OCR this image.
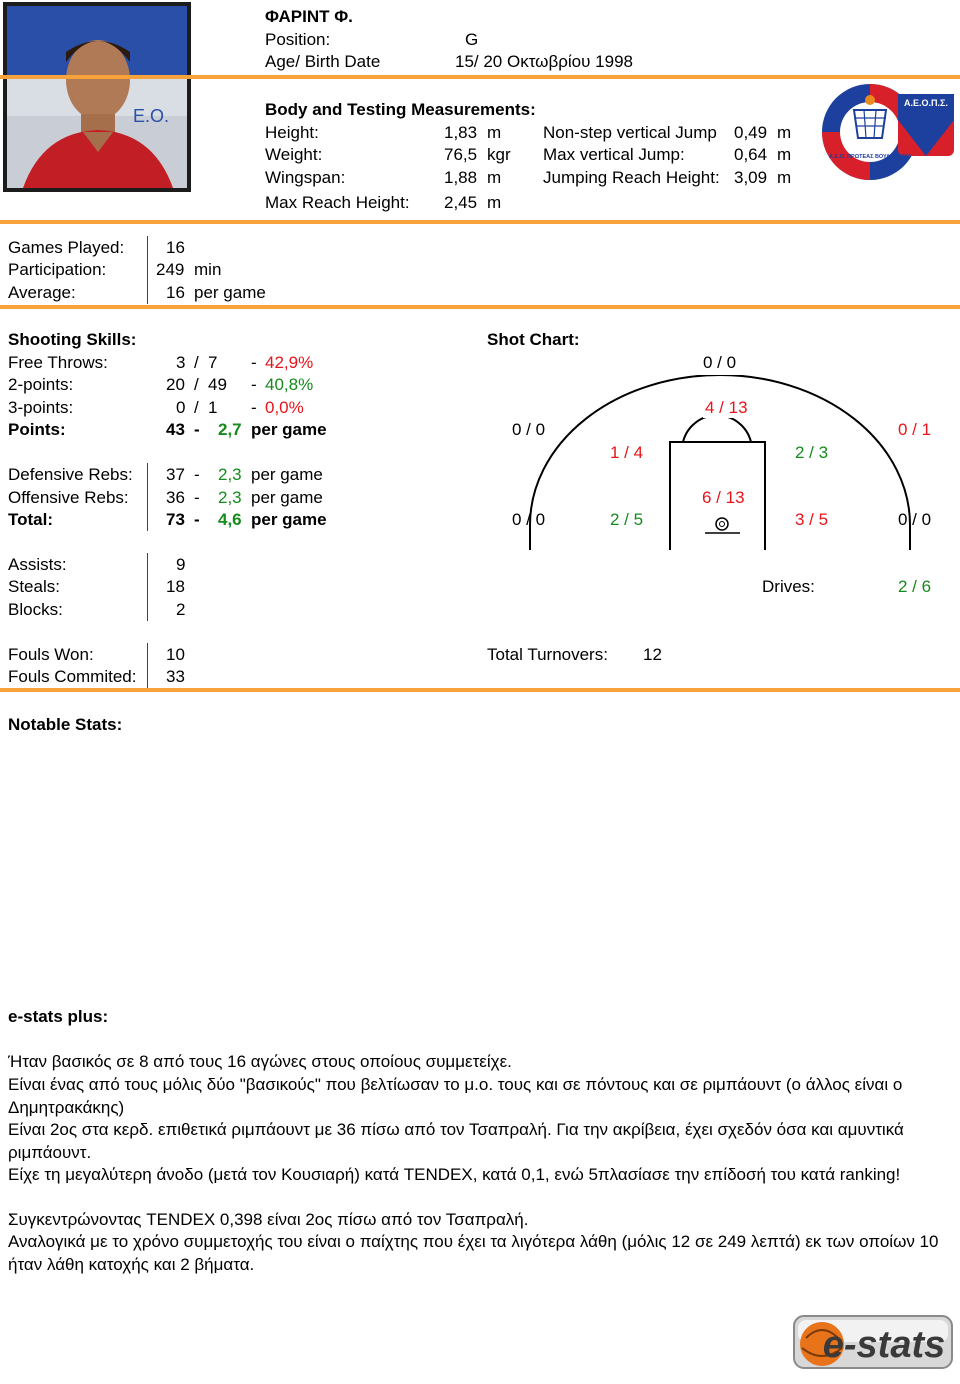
Ε.Ο.
ΦΑΡΙΝΤ Φ.
Position:	G
Age/ Birth Date	15/ 20 Οκτωβρίου 1998
Body and Testing Measurements:
Height:	1,83 m
Weight:	76,5 kgr
Wingspan:	1,88 m
Max Reach Height: 2,45 m
Non-step vertical Jump 0,49 m
Max vertical Jump:	0,64 m
Jumping Reach Height: 3,09 m
Α.Ε.Ο.Π.Σ.
Α.Ε.Ο. ΠΡΩΤΕΑΣ ΒΟΥΛΑΣ 1980
Games Played: 16
Participation:	249 min
Average:	16 per game
Shooting Skills:
Free Throws:	3 / 7 - 42,9%
2-points:	20 / 49 - 40,8%
3-points:	0 / 1 - 0,0%
Points:	43 - 2,7 per game
Defensive Rebs: 37 - 2,3 per game
Offensive Rebs: 36 - 2,3 per game
Total:	73 - 4,6 per game
Shot Chart:
0 / 0
4 / 13
0 / 0	0 / 1
1 / 4	2 / 3
6 / 13
0 / 0	2 / 5	3 / 5	0 / 0
Assists:	9
Steals:	18
Blocks:	2
Drives:	2 / 6
Fouls Won:	10
Fouls Commited: 33
Total Turnovers: 12
Notable Stats:
e-stats plus:
Ήταν βασικός σε 8 από τους 16 αγώνες στους οποίους συμμετείχε.
Είναι ένας από τους μόλις δύο "βασικούς" που βελτίωσαν το μ.ο. τους και σε πόντους και σε ριμπάουντ (ο άλλος είναι ο Δημητρακάκης)
Είναι 2ος στα κερδ. επιθετικά ριμπάουντ με 36 πίσω από τον Τσαπραλή. Για την ακρίβεια, έχει σχεδόν όσα και αμυντικά ριμπάουντ.
Είχε τη μεγαλύτερη άνοδο (μετά τον Κουσιαρή) κατά TENDEX, κατά 0,1, ενώ 5πλασίασε την επίδοσή του κατά ranking!
Συγκεντρώνοντας TENDEX 0,398 είναι 2ος πίσω από τον Τσαπραλή.
Αναλογικά με το χρόνο συμμετοχής του είναι ο παίχτης που έχει τα λιγότερα λάθη (μόλις 12 σε 249 λεπτά) εκ των οποίων 10 ήταν λάθη κατοχής και 2 βήματα.
e-stats
